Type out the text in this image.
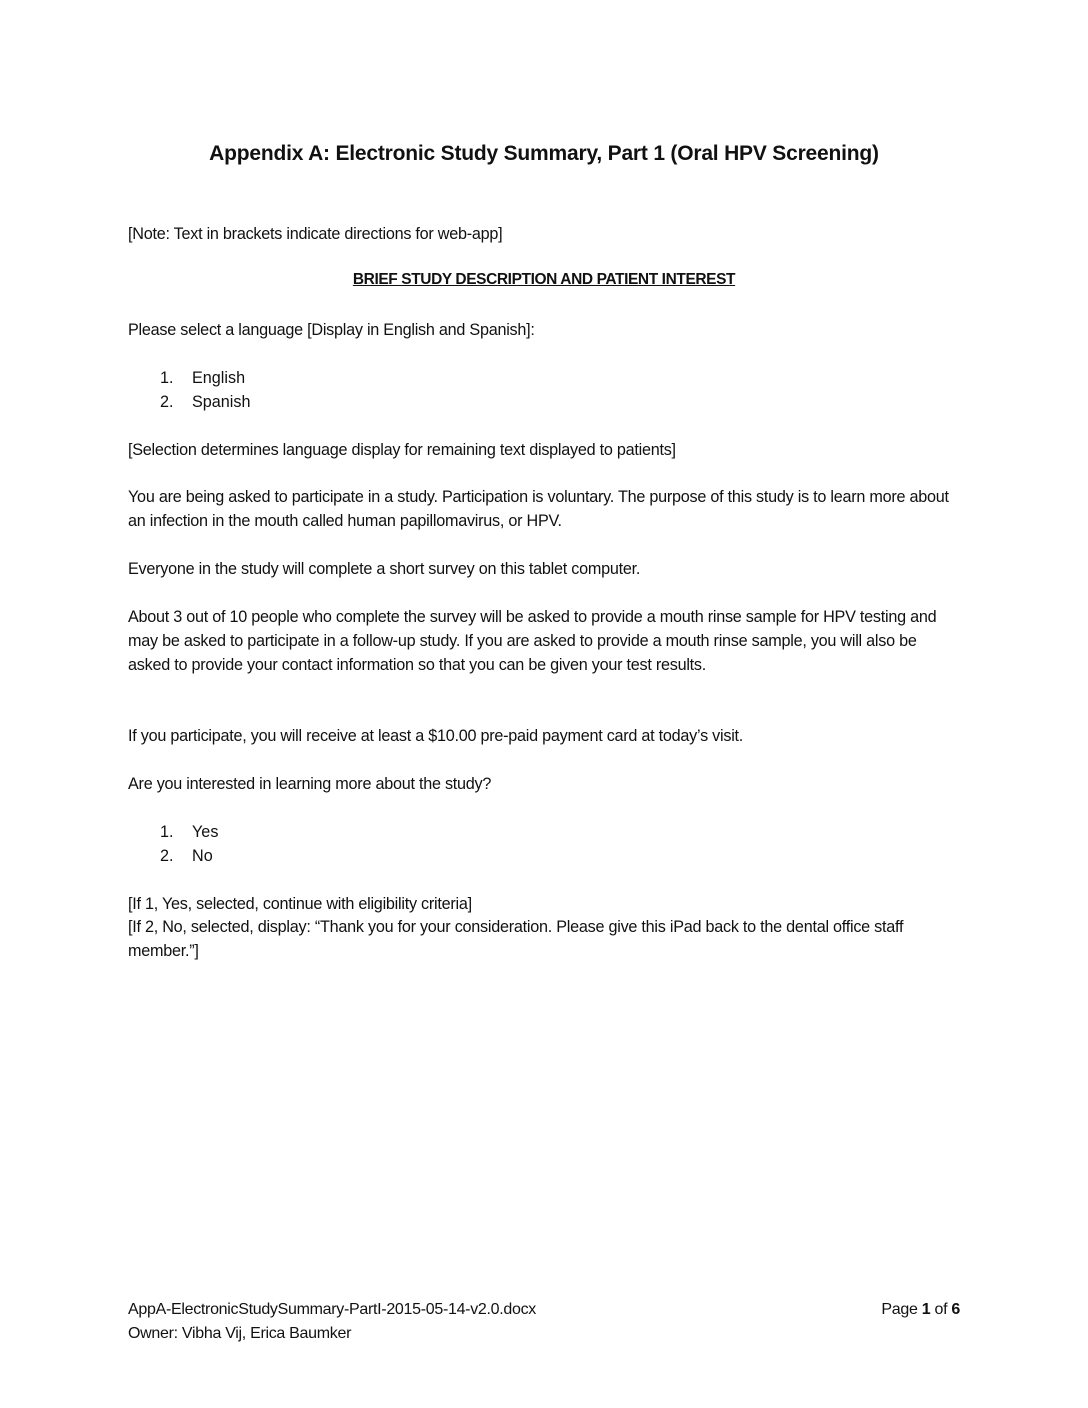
Appendix A: Electronic Study Summary, Part 1 (Oral HPV Screening)

[Note: Text in brackets indicate directions for web-app]

BRIEF STUDY DESCRIPTION AND PATIENT INTEREST

Please select a language [Display in English and Spanish]:

1.	English
2.	Spanish

[Selection determines language display for remaining text displayed to patients]

You are being asked to participate in a study. Participation is voluntary. The purpose of this study is to learn more about an infection in the mouth called human papillomavirus, or HPV.

Everyone in the study will complete a short survey on this tablet computer.

About 3 out of 10 people who complete the survey will be asked to provide a mouth rinse sample for HPV testing and may be asked to participate in a follow-up study. If you are asked to provide a mouth rinse sample, you will also be asked to provide your contact information so that you can be given your test results.

If you participate, you will receive at least a $10.00 pre-paid payment card at today’s visit.

Are you interested in learning more about the study?

1.	Yes
2.	No

[If 1, Yes, selected, continue with eligibility criteria]

[If 2, No, selected, display: “Thank you for your consideration. Please give this iPad back to the dental office staff member.”]

AppA-ElectronicStudySummary-PartI-2015-05-14-v2.0.docx
Owner: Vibha Vij, Erica Baumker
Page 1 of 6
